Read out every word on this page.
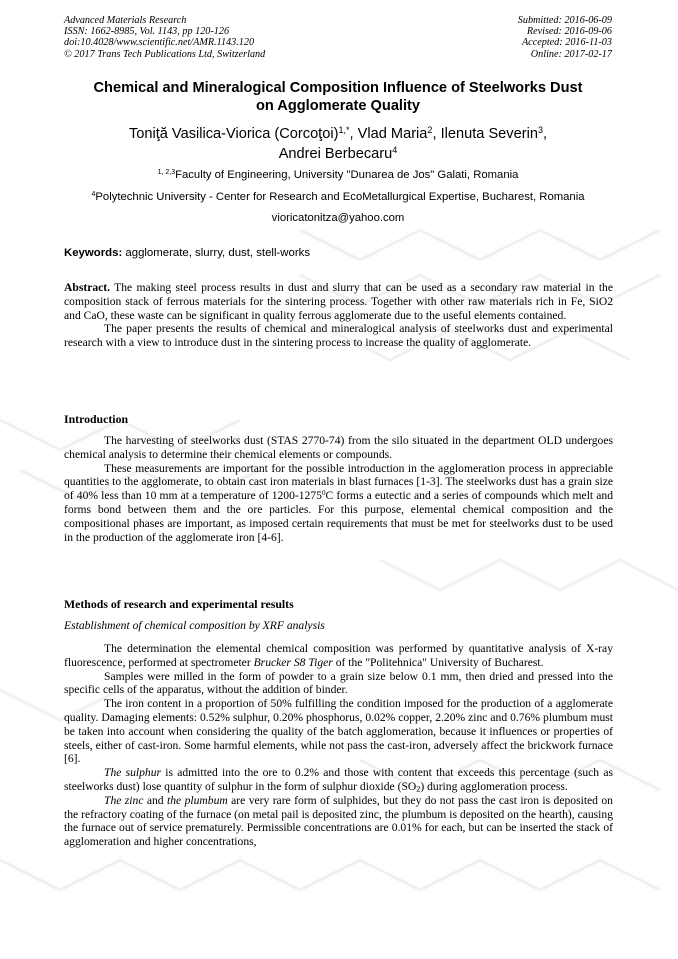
Advanced Materials Research
ISSN: 1662-8985, Vol. 1143, pp 120-126
doi:10.4028/www.scientific.net/AMR.1143.120
© 2017 Trans Tech Publications Ltd, Switzerland
Submitted: 2016-06-09
Revised: 2016-09-06
Accepted: 2016-11-03
Online: 2017-02-17
Chemical and Mineralogical Composition Influence of Steelworks Dust
on Agglomerate Quality
Toniţă Vasilica-Viorica (Corcoţoi)$^{1,*}$, Vlad Maria$^2$, Ilenuta Severin$^3$,
Andrei Berbecaru$^4$
$^{1, 2,3}$Faculty of Engineering, University "Dunarea de Jos" Galati, Romania
$^4$Polytechnic University - Center for Research and EcoMetallurgical Expertise, Bucharest, Romania
vioricatonitza@yahoo.com
Keywords: agglomerate, slurry, dust, stell-works

Abstract. The making steel process results in dust and slurry that can be used as a secondary raw material in the composition stack of ferrous materials for the sintering process. Together with other raw materials rich in Fe, SiO2 and CaO, these waste can be significant in quality ferrous agglomerate due to the useful elements contained.

The paper presents the results of chemical and mineralogical analysis of steelworks dust and experimental research with a view to introduce dust in the sintering process to increase the quality of agglomerate.

Introduction

The harvesting of steelworks dust (STAS 2770-74) from the silo situated in the department OLD undergoes chemical analysis to determine their chemical elements or compounds.

These measurements are important for the possible introduction in the agglomeration process in appreciable quantities to the agglomerate, to obtain cast iron materials in blast furnaces [1-3]. The steelworks dust has a grain size of 40% less than 10 mm at a temperature of 1200-1275$^0$C forms a eutectic and a series of compounds which melt and forms bond between them and the ore particles. For this purpose, elemental chemical composition and the compositional phases are important, as imposed certain requirements that must be met for steelworks dust to be used in the production of the agglomerate iron [4-6].

Methods of research and experimental results
Establishment of chemical composition by XRF analysis

The determination the elemental chemical composition was performed by quantitative analysis of X-ray fluorescence, performed at spectrometer Brucker S8 Tiger of the "Politehnica" University of Bucharest.

Samples were milled in the form of powder to a grain size below 0.1 mm, then dried and pressed into the specific cells of the apparatus, without the addition of binder.

The iron content in a proportion of 50% fulfilling the condition imposed for the production of a agglomerate quality. Damaging elements: 0.52% sulphur, 0.20% phosphorus, 0.02% copper, 2.20% zinc and 0.76% plumbum must be taken into account when considering the quality of the batch agglomeration, because it influences or properties of steels, either of cast-iron. Some harmful elements, while not pass the cast-iron, adversely affect the brickwork furnace [6].

The sulphur is admitted into the ore to 0.2% and those with content that exceeds this percentage (such as steelworks dust) lose quantity of sulphur in the form of sulphur dioxide $(SO_2)$ during agglomeration process.

The zinc and the plumbum are very rare form of sulphides, but they do not pass the cast iron is deposited on the refractory coating of the furnace (on metal pail is deposited zinc, the plumbum is deposited on the hearth), causing the furnace out of service prematurely. Permissible concentrations are 0.01% for each, but can be inserted the stack of agglomeration and higher concentrations,
